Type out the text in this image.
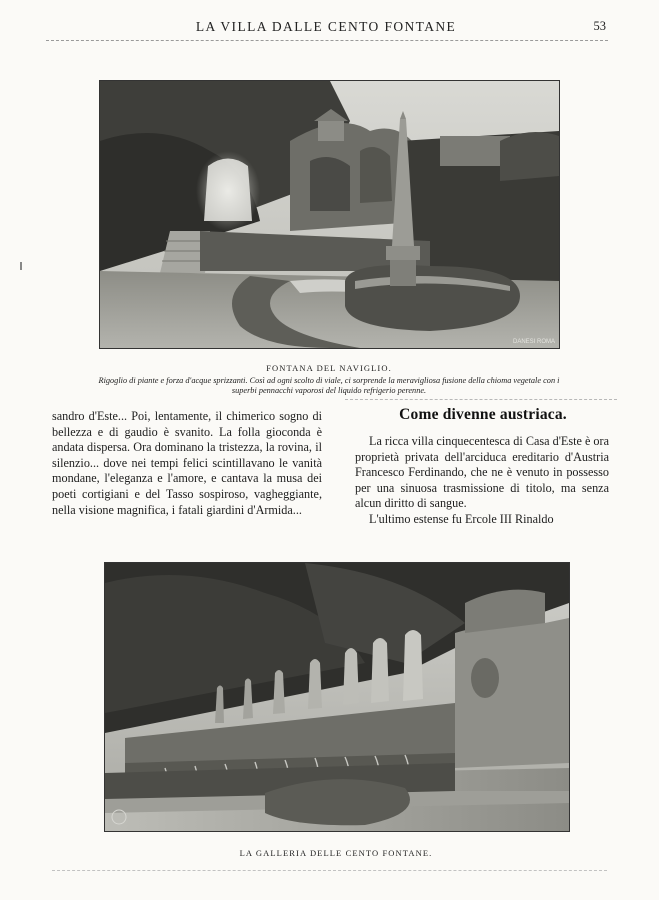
LA VILLA DALLE CENTO FONTANE	53
DANESI ROMA
FONTANA DEL NAVIGLIO.
Rigoglio di piante e forza d'acque sprizzanti. Così ad ogni scolto di viale, ci sorprende la meravigliosa fusione della chioma vegetale con i superbi pennacchi vaporosi del liquido refrigerio perenne.

sandro d'Este... Poi, lentamente, il chimerico sogno di bellezza e di gaudio è svanito. La folla gioconda è andata dispersa. Ora dominano la tristezza, la rovina, il silenzio... dove nei tempi felici scintillavano le vanità mondane, l'eleganza e l'amore, e cantava la musa dei poeti cortigiani e del Tasso sospiroso, vagheggiante, nella visione magnifica, i fatali giardini d'Armida...

Come divenne austriaca.

La ricca villa cinquecentesca di Casa d'Este è ora proprietà privata dell'arciduca ereditario d'Austria Francesco Ferdinando, che ne è venuto in possesso per una sinuosa trasmissione di titolo, ma senza alcun diritto di sangue.

L'ultimo estense fu Ercole III Rinaldo

LA GALLERIA DELLE CENTO FONTANE.
